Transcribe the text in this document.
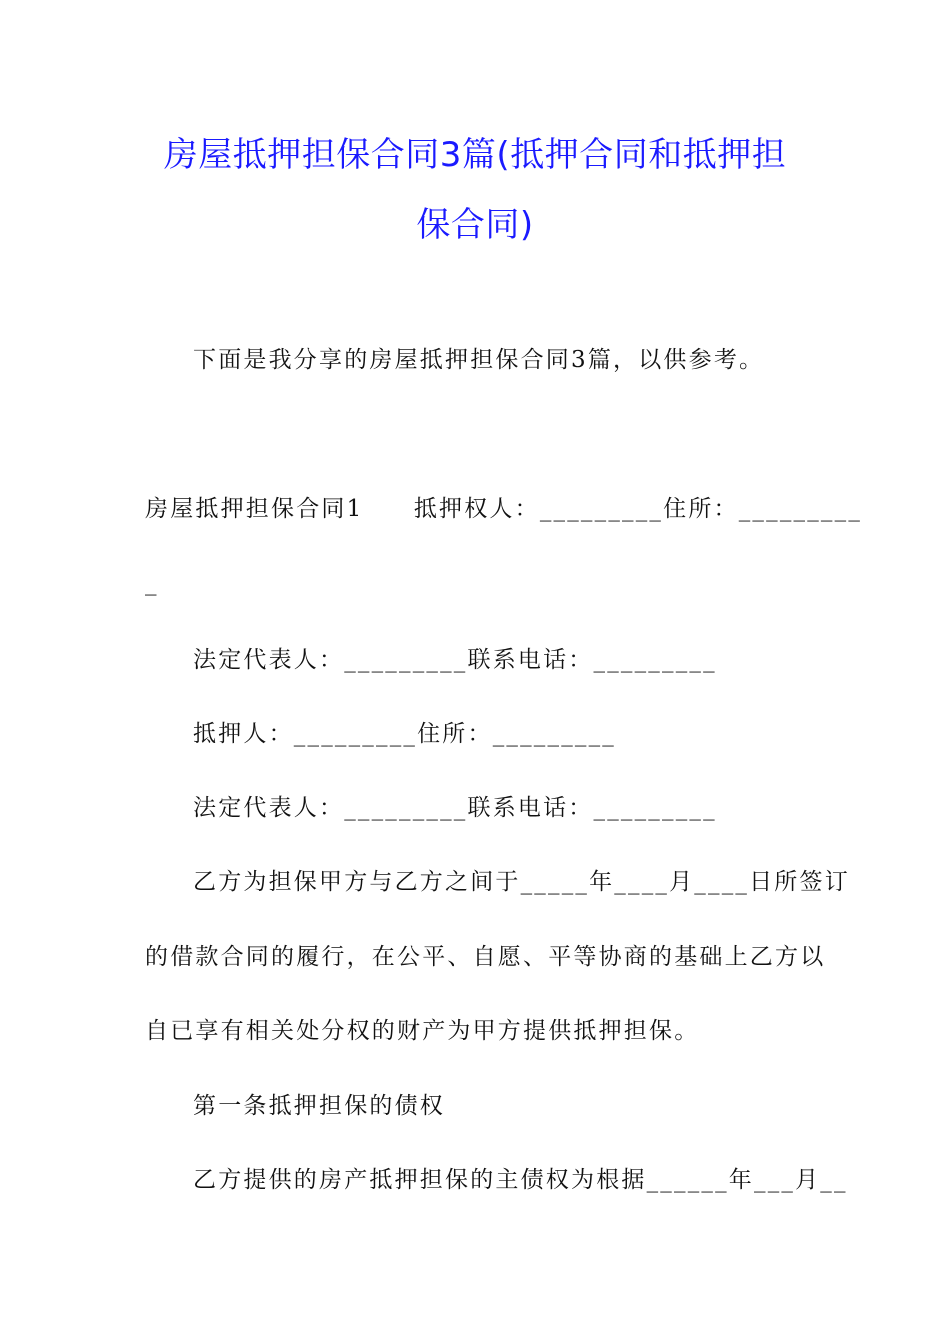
房屋抵押担保合同3篇(抵押合同和抵押担
保合同)
下面是我分享的房屋抵押担保合同3篇，以供参考。
房屋抵押担保合同1　　抵押权人：_________住所：_________
_
法定代表人：_________联系电话：_________
抵押人：_________住所：_________
法定代表人：_________联系电话：_________
乙方为担保甲方与乙方之间于_____年____月____日所签订
的借款合同的履行，在公平、自愿、平等协商的基础上乙方以
自已享有相关处分权的财产为甲方提供抵押担保。
第一条抵押担保的债权
乙方提供的房产抵押担保的主债权为根据______年___月__
